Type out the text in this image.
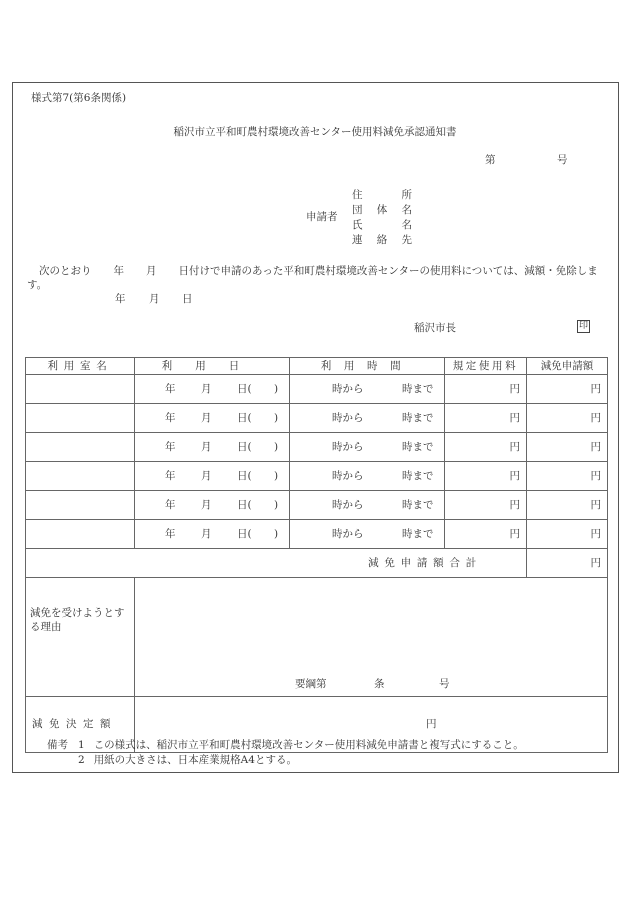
様式第7(第6条関係)
稲沢市立平和町農村環境改善センター使用料減免承認通知書
第	号
申請者
住	所
団 体 名
氏	名
連 絡 先
次のとおり 年 月 日付けで申請のあった平和町農村環境改善センターの使用料については、減額・免除します。
年 月 日
稲沢市長	印
利用室名	利用日	利用時間	規定使用料	減免申請額

	年 月 日( )	時から 時まで	円	円

	年 月 日( )	時から 時まで	円	円

	年 月 日( )	時から 時まで	円	円

	年 月 日( )	時から 時まで	円	円

	年 月 日( )	時から 時まで	円	円

	年 月 日( )	時から 時まで	円	円
減免申請額合計				円
減免を受けようとする理由	要綱第 条 号			

減免決定額	円			
備考 1 この様式は、稲沢市立平和町農村環境改善センター使用料減免申請書と複写式にすること。
2 用紙の大きさは、日本産業規格A4とする。
